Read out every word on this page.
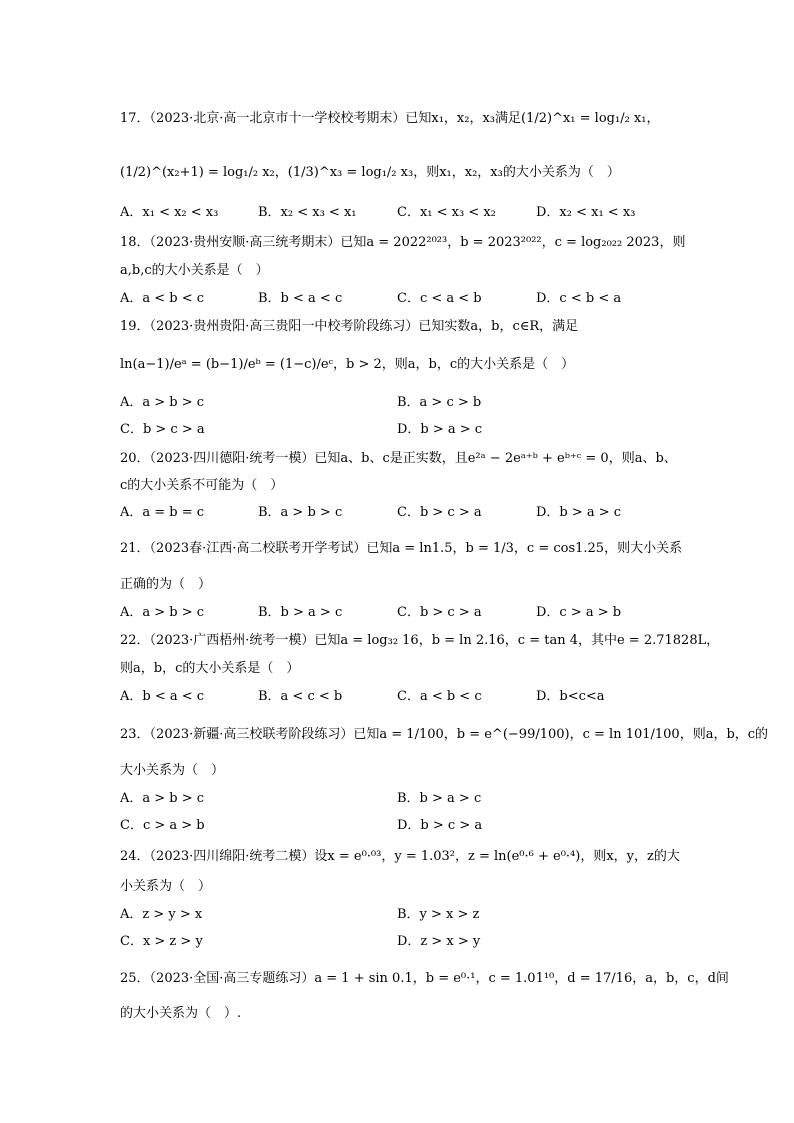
17．（2023·北京·高一北京市十一学校校考期末）已知x₁，x₂，x₃满足(1/2)^x₁ = log₁/₂ x₁，
(1/2)^(x₂+1) = log₁/₂ x₂，(1/3)^x₃ = log₁/₂ x₃，则x₁，x₂，x₃的大小关系为（　）
A．x₁ < x₂ < x₃	B．x₂ < x₃ < x₁	C．x₁ < x₃ < x₂	D．x₂ < x₁ < x₃
18．（2023·贵州安顺·高三统考期末）已知a = 2022²⁰²³，b = 2023²⁰²²，c = log₂₀₂₂ 2023，则
a,b,c的大小关系是（　）
A．a < b < c	B．b < a < c	C．c < a < b	D．c < b < a
19．（2023·贵州贵阳·高三贵阳一中校考阶段练习）已知实数a，b，c∈R，满足
ln(a−1)/eᵃ = (b−1)/eᵇ = (1−c)/eᶜ，b > 2，则a，b，c的大小关系是（　）
A．a > b > c	B．a > c > b
C．b > c > a	D．b > a > c
20．（2023·四川德阳·统考一模）已知a、b、c是正实数，且e²ᵃ − 2eᵃ⁺ᵇ + eᵇ⁺ᶜ = 0，则a、b、
c的大小关系不可能为（　）
A．a = b = c	B．a > b > c	C．b > c > a	D．b > a > c
21．（2023春·江西·高二校联考开学考试）已知a = ln1.5，b = 1/3，c = cos1.25，则大小关系
正确的为（　）
A．a > b > c	B．b > a > c	C．b > c > a	D．c > a > b
22．（2023·广西梧州·统考一模）已知a = log₃₂ 16，b = ln 2.16，c = tan 4，其中e = 2.71828L，
则a，b，c的大小关系是（　）
A．b < a < c	B．a < c < b	C．a < b < c	D．b<c<a
23．（2023·新疆·高三校联考阶段练习）已知a = 1/100，b = e^(−99/100)，c = ln 101/100，则a，b，c的
大小关系为（　）
A．a > b > c	B．b > a > c
C．c > a > b	D．b > c > a
24．（2023·四川绵阳·统考二模）设x = e⁰·⁰³，y = 1.03²，z = ln(e⁰·⁶ + e⁰·⁴)，则x，y，z的大
小关系为（　）
A．z > y > x	B．y > x > z
C．x > z > y	D．z > x > y
25．（2023·全国·高三专题练习）a = 1 + sin 0.1，b = e⁰·¹，c = 1.01¹⁰，d = 17/16，a，b，c，d间
的大小关系为（　）.
